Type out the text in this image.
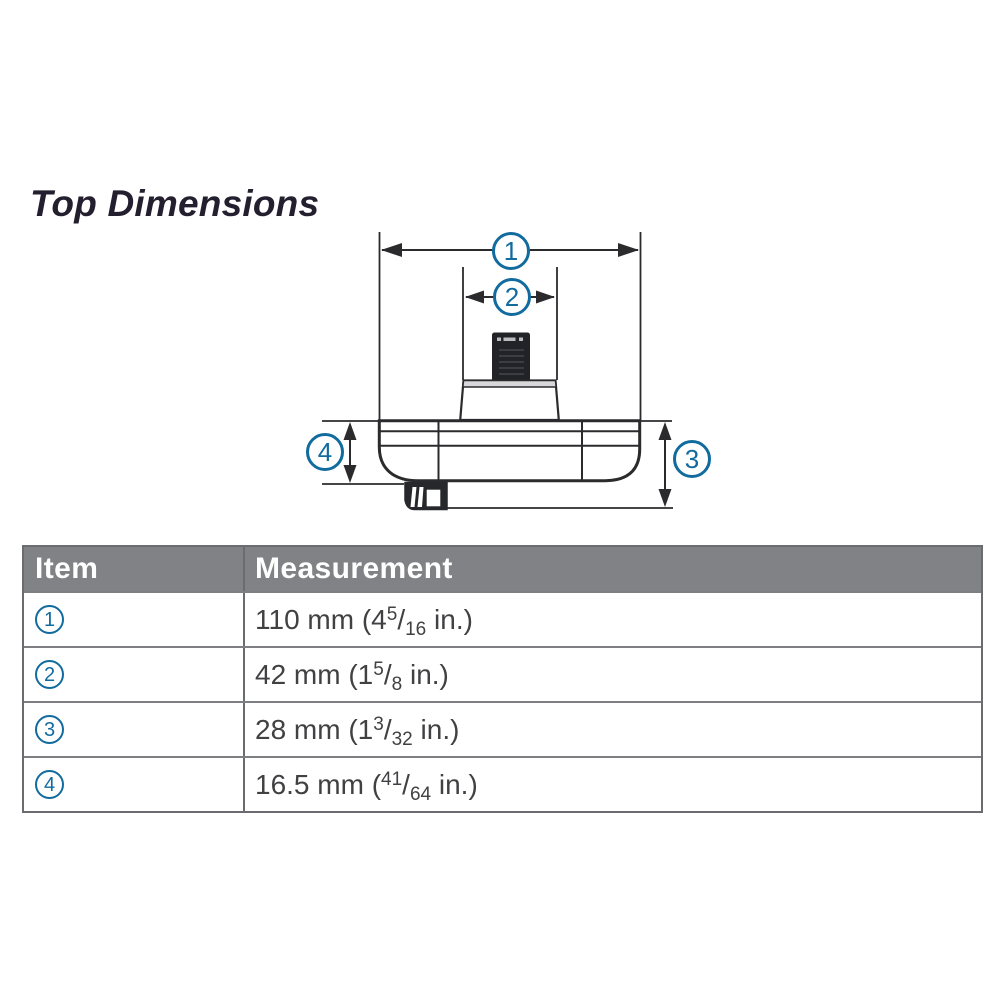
Top Dimensions
1
2
3
4
Item	Measurement
1	110 mm ($4^5/_{16}$ in.)
2	42 mm ($1^5/_8$ in.)
3	28 mm ($1^3/_{32}$ in.)
4	16.5 mm ($^{41}/_{64}$ in.)
